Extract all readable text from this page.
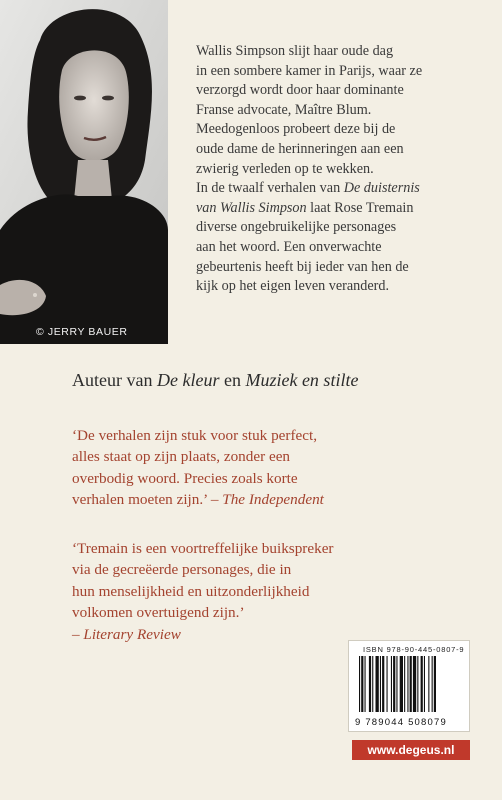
© JERRY BAUER

Wallis Simpson slijt haar oude dag
in een sombere kamer in Parijs, waar ze
verzorgd wordt door haar dominante
Franse advocate, Maître Blum.
Meedogenloos probeert deze bij de
oude dame de herinneringen aan een
zwierig verleden op te wekken.

In de twaalf verhalen van De duisternis
van Wallis Simpson laat Rose Tremain
diverse ongebruikelijke personages
aan het woord. Een onverwachte
gebeurtenis heeft bij ieder van hen de
kijk op het eigen leven veranderd.

Auteur van De kleur en Muziek en stilte
‘De verhalen zijn stuk voor stuk perfect,
alles staat op zijn plaats, zonder een
overbodig woord. Precies zoals korte
verhalen moeten zijn.’ – The Independent
‘Tremain is een voortreffelijke buikspreker
via de gecreëerde personages, die in
hun menselijkheid en uitzonderlijkheid
volkomen overtuigend zijn.’
– Literary Review
ISBN 978-90-445-0807-9
9 789044 508079
www.degeus.nl
